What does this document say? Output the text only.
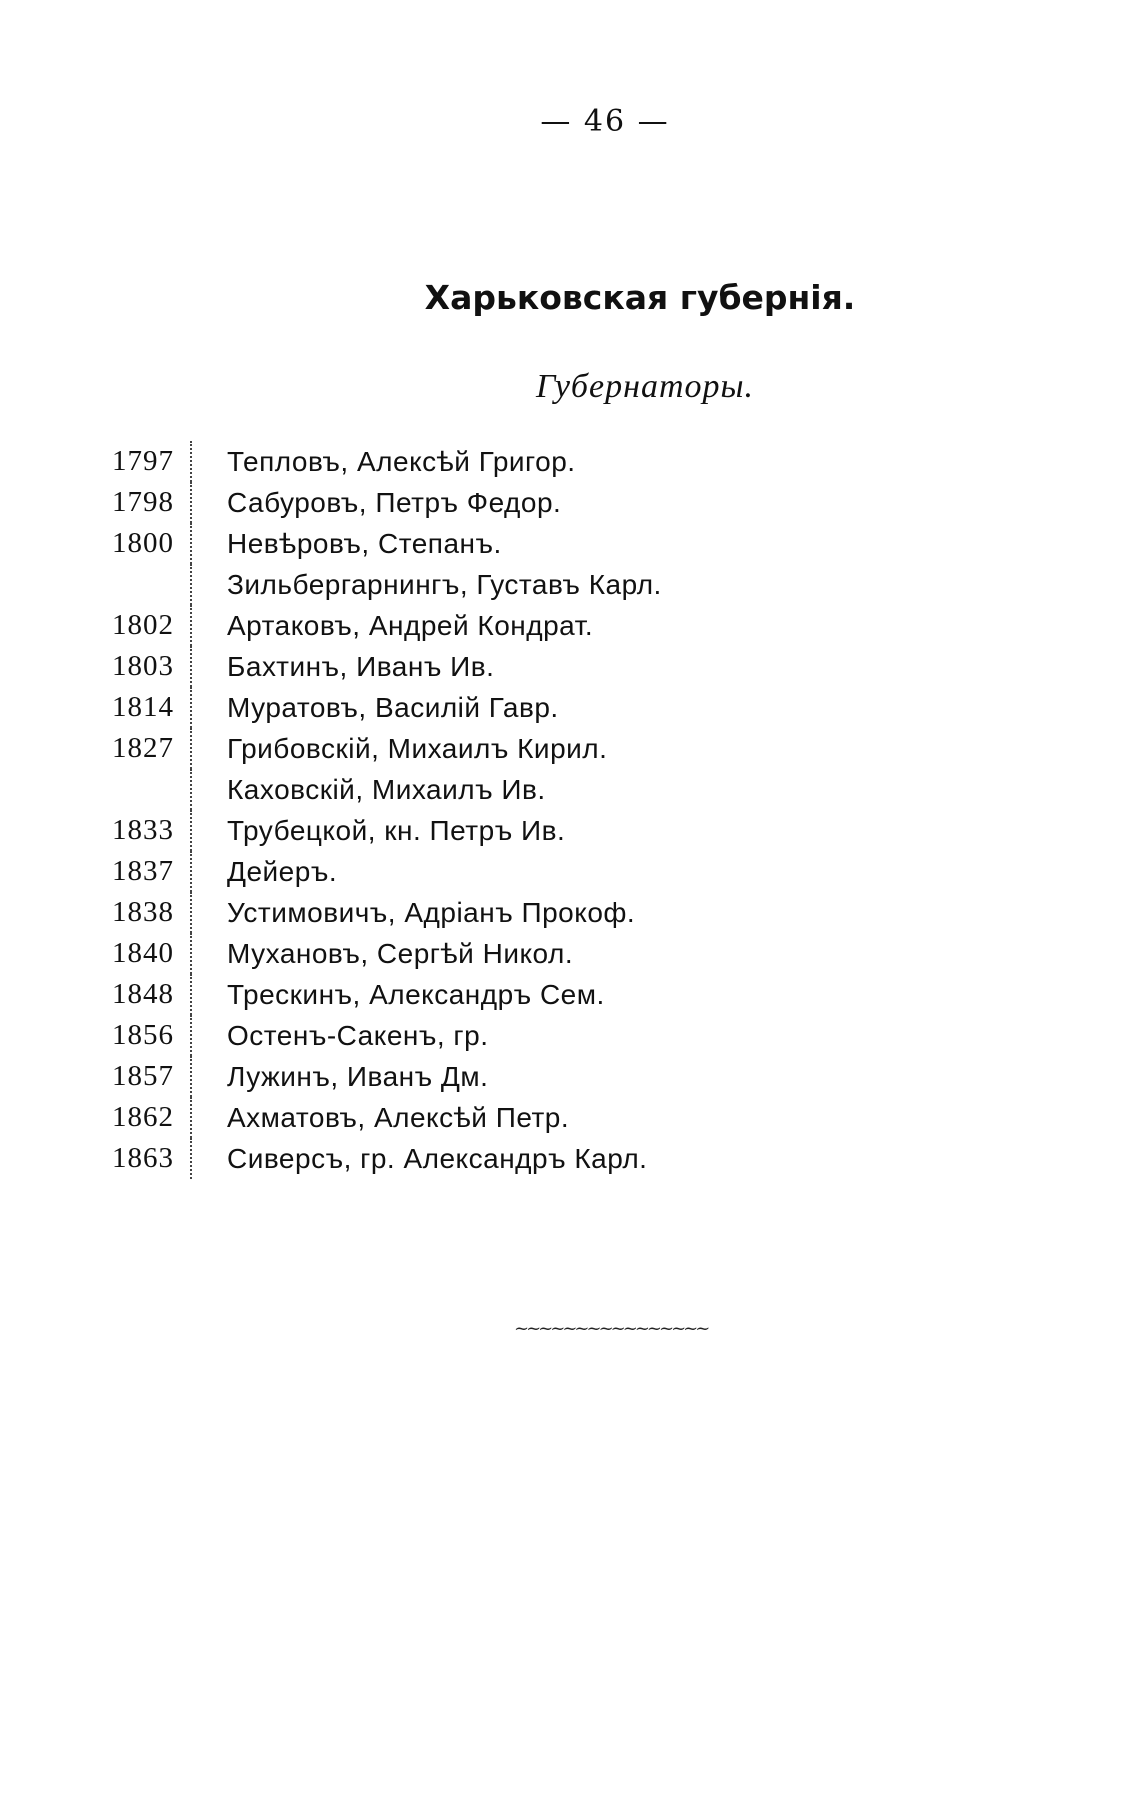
— 46 —
Харьковская губернія.
Губернаторы.
1797 Тепловъ, Алексѣй Григор.
1798 Сабуровъ, Петръ Федор.
1800 Невѣровъ, Степанъ.
Зильбергарнингъ, Густавъ Карл.
1802 Артаковъ, Андрей Кондрат.
1803 Бахтинъ, Иванъ Ив.
1814 Муратовъ, Василій Гавр.
1827 Грибовскій, Михаилъ Кирил.
Каховскій, Михаилъ Ив.
1833 Трубецкой, кн. Петръ Ив.
1837 Дейеръ.
1838 Устимовичъ, Адріанъ Прокоф.
1840 Мухановъ, Сергѣй Никол.
1848 Трескинъ, Александръ Сем.
1856 Остенъ-Сакенъ, гр.
1857 Лужинъ, Иванъ Дм.
1862 Ахматовъ, Алексѣй Петр.
1863 Сиверсъ, гр. Александръ Карл.
~~~~~~~~~~~~~~~~
